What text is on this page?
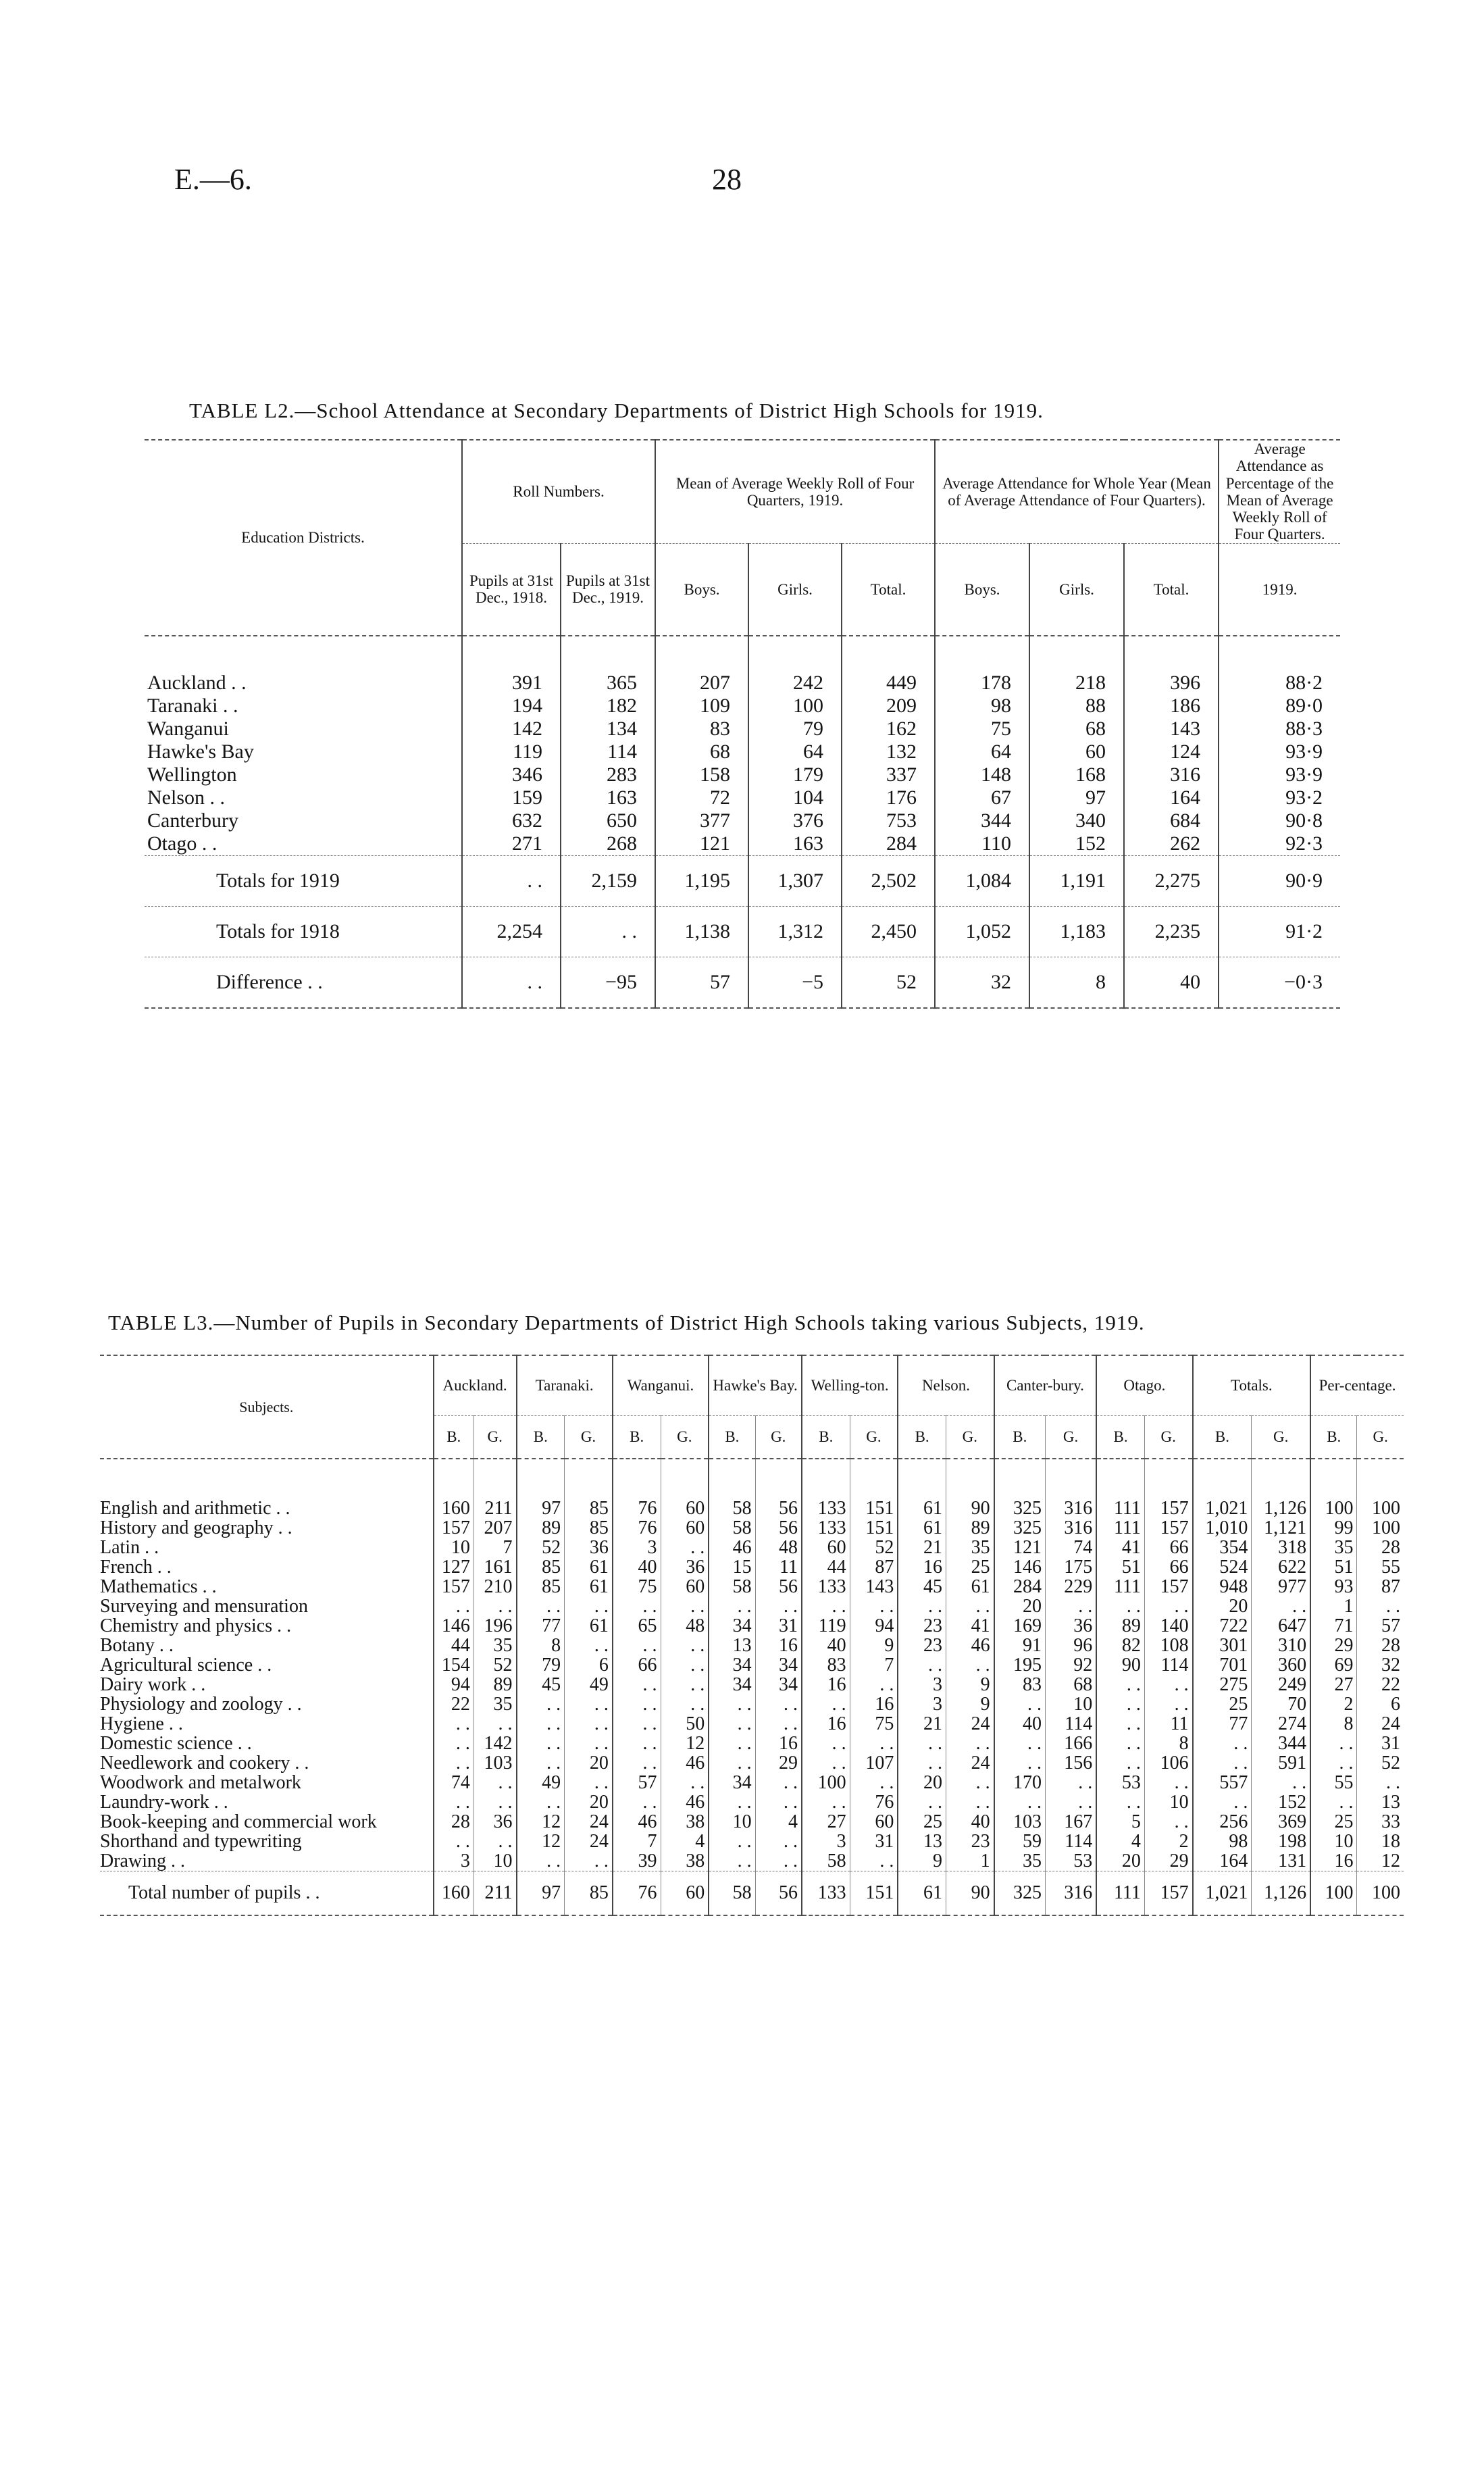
E.—6.	28
TABLE L2.—School Attendance at Secondary Departments of District High Schools for 1919.
Education Districts.	Roll Numbers.		Mean of Average Weekly Roll of Four Quarters, 1919.			Average Attendance for Whole Year (Mean of Average Attendance of Four Quarters).			Average Attendance as Percentage of the Mean of Average Weekly Roll of Four Quarters.
	Pupils at 31st Dec., 1918.	Pupils at 31st Dec., 1919.	Boys.	Girls.	Total.	Boys.	Girls.	Total.	1919.
Auckland . .	391	365	207	242	449	178	218	396	88·2
Taranaki . .	194	182	109	100	209	98	88	186	89·0
Wanganui	142	134	83	79	162	75	68	143	88·3
Hawke's Bay	119	114	68	64	132	64	60	124	93·9
Wellington	346	283	158	179	337	148	168	316	93·9
Nelson . .	159	163	72	104	176	67	97	164	93·2
Canterbury	632	650	377	376	753	344	340	684	90·8
Otago . .	271	268	121	163	284	110	152	262	92·3
Totals for 1919	. .	2,159	1,195	1,307	2,502	1,084	1,191	2,275	90·9
Totals for 1918	2,254	. .	1,138	1,312	2,450	1,052	1,183	2,235	91·2
Difference . .	. .	−95	57	−5	52	32	8	40	−0·3
TABLE L3.—Number of Pupils in Secondary Departments of District High Schools taking various Subjects, 1919.
Subjects.	Auckland.		Taranaki.		Wanganui.		Hawke's Bay.		Welling-ton.		Nelson.		Canter-bury.		Otago.		Totals.		Per-centage.	
	B.	G.	B.	G.	B.	G.	B.	G.	B.	G.	B.	G.	B.	G.	B.	G.	B.	G.	B.	G.
English and arithmetic . .	160	211	97	85	76	60	58	56	133	151	61	90	325	316	111	157	1,021	1,126	100	100
History and geography . .	157	207	89	85	76	60	58	56	133	151	61	89	325	316	111	157	1,010	1,121	99	100
Latin . .	10	7	52	36	3	. .	46	48	60	52	21	35	121	74	41	66	354	318	35	28
French . .	127	161	85	61	40	36	15	11	44	87	16	25	146	175	51	66	524	622	51	55
Mathematics . .	157	210	85	61	75	60	58	56	133	143	45	61	284	229	111	157	948	977	93	87
Surveying and mensuration	. .	. .	. .	. .	. .	. .	. .	. .	. .	. .	. .	. .	20	. .	. .	. .	20	. .	1	. .
Chemistry and physics . .	146	196	77	61	65	48	34	31	119	94	23	41	169	36	89	140	722	647	71	57
Botany . .	44	35	8	. .	. .	. .	13	16	40	9	23	46	91	96	82	108	301	310	29	28
Agricultural science . .	154	52	79	6	66	. .	34	34	83	7	. .	. .	195	92	90	114	701	360	69	32
Dairy work . .	94	89	45	49	. .	. .	34	34	16	. .	3	9	83	68	. .	. .	275	249	27	22
Physiology and zoology . .	22	35	. .	. .	. .	. .	. .	. .	. .	16	3	9	. .	10	. .	. .	25	70	2	6
Hygiene . .	. .	. .	. .	. .	. .	50	. .	. .	16	75	21	24	40	114	. .	11	77	274	8	24
Domestic science . .	. .	142	. .	. .	. .	12	. .	16	. .	. .	. .	. .	. .	166	. .	8	. .	344	. .	31
Needlework and cookery . .	. .	103	. .	20	. .	46	. .	29	. .	107	. .	24	. .	156	. .	106	. .	591	. .	52
Woodwork and metalwork	74	. .	49	. .	57	. .	34	. .	100	. .	20	. .	170	. .	53	. .	557	. .	55	. .
Laundry-work . .	. .	. .	. .	20	. .	46	. .	. .	. .	76	. .	. .	. .	. .	. .	10	. .	152	. .	13
Book-keeping and commercial work	28	36	12	24	46	38	10	4	27	60	25	40	103	167	5	. .	256	369	25	33
Shorthand and typewriting	. .	. .	12	24	7	4	. .	. .	3	31	13	23	59	114	4	2	98	198	10	18
Drawing . .	3	10	. .	. .	39	38	. .	. .	58	. .	9	1	35	53	20	29	164	131	16	12
Total number of pupils . .	160	211	97	85	76	60	58	56	133	151	61	90	325	316	111	157	1,021	1,126	100	100
